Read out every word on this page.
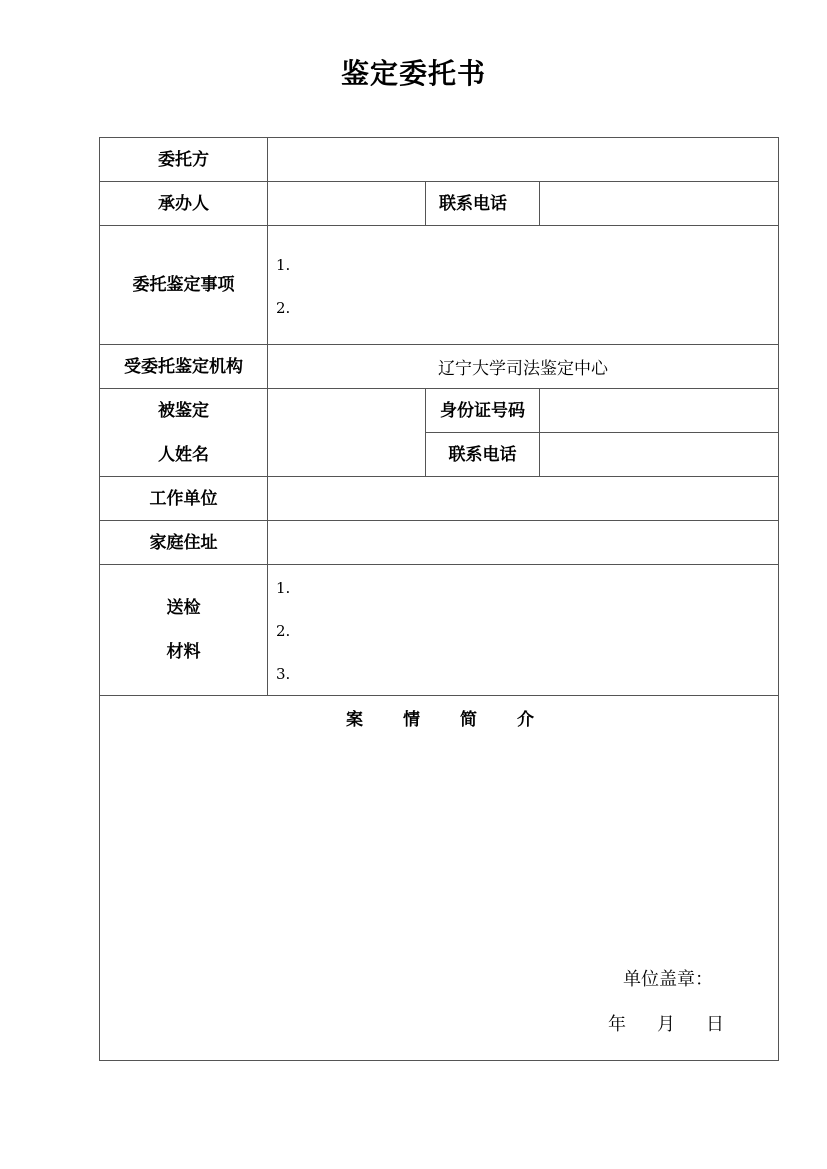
鉴定委托书
委托方
承办人	联系电话
委托鉴定事项
受委托鉴定机构
被鉴定
人姓名
身份证号码
联系电话
工作单位
家庭住址
送检
材料
1.
2.
辽宁大学司法鉴定中心
1.
2.
3.
案 情 简 介
单位盖章：
年 月 日
